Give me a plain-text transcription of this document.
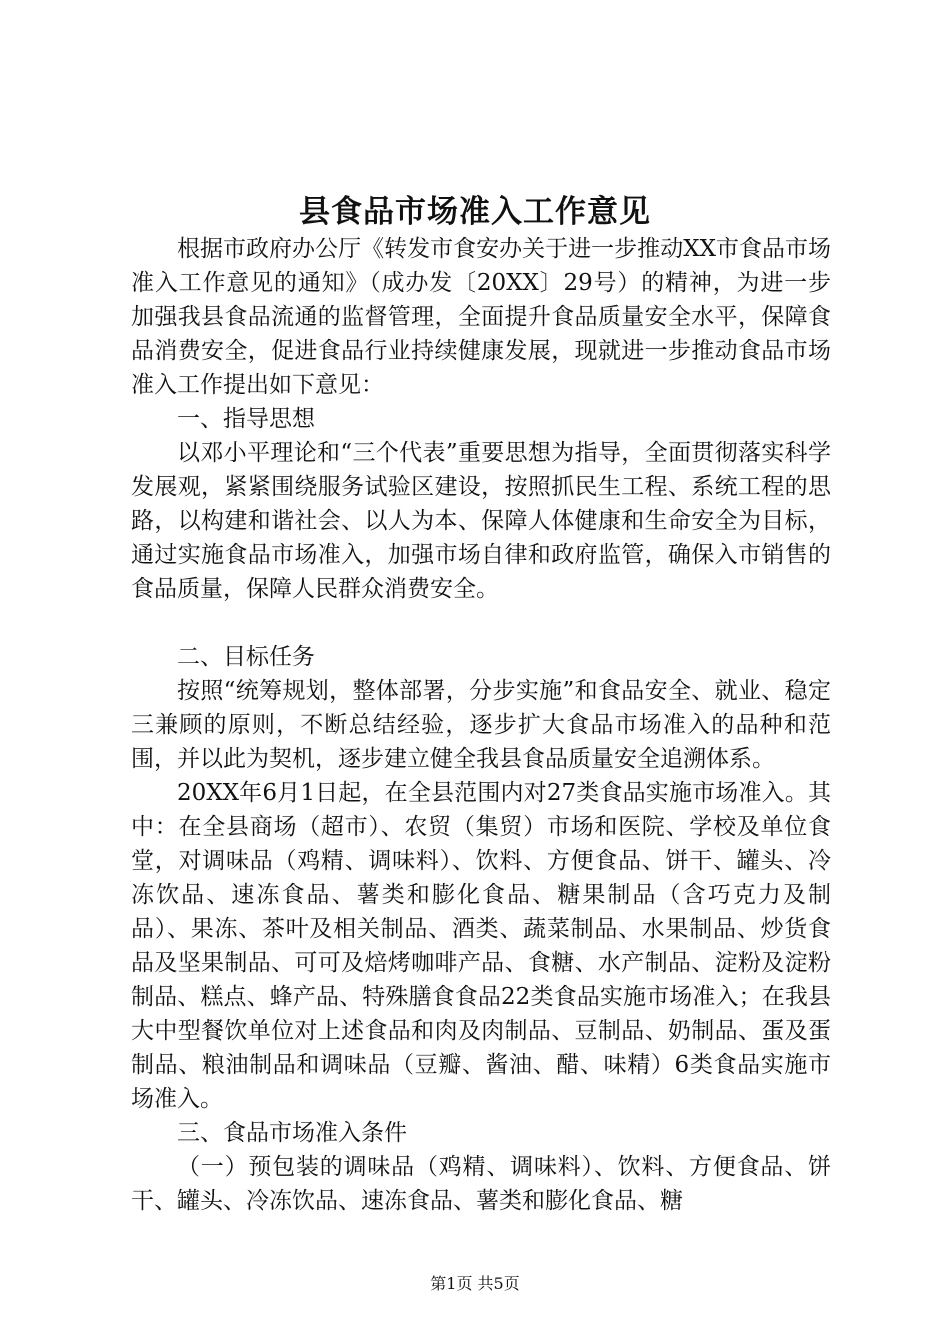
县食品市场准入工作意见

根据市政府办公厅《转发市食安办关于进一步推动XX市食品市场准入工作意见的通知》（成办发〔20XX〕29号）的精神，为进一步加强我县食品流通的监督管理，全面提升食品质量安全水平，保障食品消费安全，促进食品行业持续健康发展，现就进一步推动食品市场准入工作提出如下意见：

一、指导思想

以邓小平理论和“三个代表”重要思想为指导，全面贯彻落实科学发展观，紧紧围绕服务试验区建设，按照抓民生工程、系统工程的思路，以构建和谐社会、以人为本、保障人体健康和生命安全为目标，通过实施食品市场准入，加强市场自律和政府监管，确保入市销售的食品质量，保障人民群众消费安全。

二、目标任务

按照“统筹规划，整体部署，分步实施”和食品安全、就业、稳定三兼顾的原则，不断总结经验，逐步扩大食品市场准入的品种和范围，并以此为契机，逐步建立健全我县食品质量安全追溯体系。

20XX年6月1日起，在全县范围内对27类食品实施市场准入。其中：在全县商场（超市）、农贸（集贸）市场和医院、学校及单位食堂，对调味品（鸡精、调味料）、饮料、方便食品、饼干、罐头、冷冻饮品、速冻食品、薯类和膨化食品、糖果制品（含巧克力及制品）、果冻、茶叶及相关制品、酒类、蔬菜制品、水果制品、炒货食品及坚果制品、可可及焙烤咖啡产品、食糖、水产制品、淀粉及淀粉制品、糕点、蜂产品、特殊膳食食品22类食品实施市场准入；在我县大中型餐饮单位对上述食品和肉及肉制品、豆制品、奶制品、蛋及蛋制品、粮油制品和调味品（豆瓣、酱油、醋、味精）6类食品实施市场准入。

三、食品市场准入条件

（一）预包装的调味品（鸡精、调味料）、饮料、方便食品、饼干、罐头、冷冻饮品、速冻食品、薯类和膨化食品、糖

第1页 共5页
